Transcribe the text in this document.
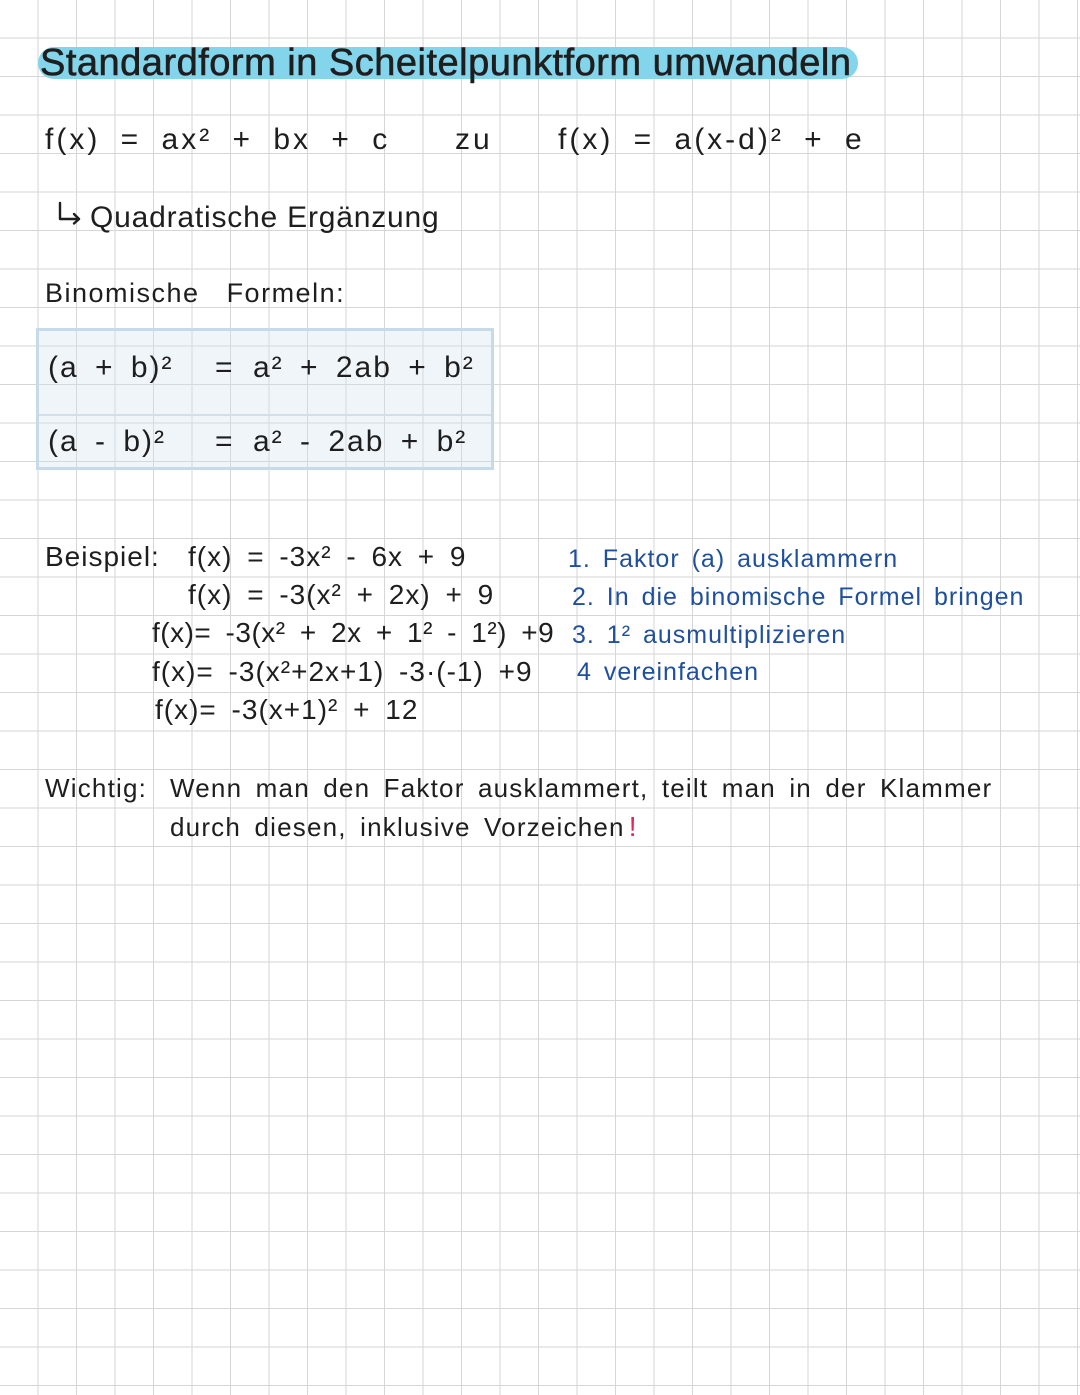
Standardform in Scheitelpunktform umwandeln
f(x) = ax² + bx + c zu f(x) = a(x-d)² + e
Quadratische Ergänzung
Binomische Formeln:
(a + b)² = a² + 2ab + b²
(a - b)² = a² - 2ab + b²
Beispiel: f(x) = -3x² - 6x + 9
f(x) = -3(x² + 2x) + 9
f(x)= -3(x² + 2x + 1² - 1²) +9
f(x)= -3(x²+2x+1) -3·(-1) +9
f(x)= -3(x+1)² + 12
1. Faktor (a) ausklammern
2. In die binomische Formel bringen
3. 1² ausmultiplizieren
4 vereinfachen
Wichtig: Wenn man den Faktor ausklammert, teilt man in der Klammer
durch diesen, inklusive Vorzeichen !
